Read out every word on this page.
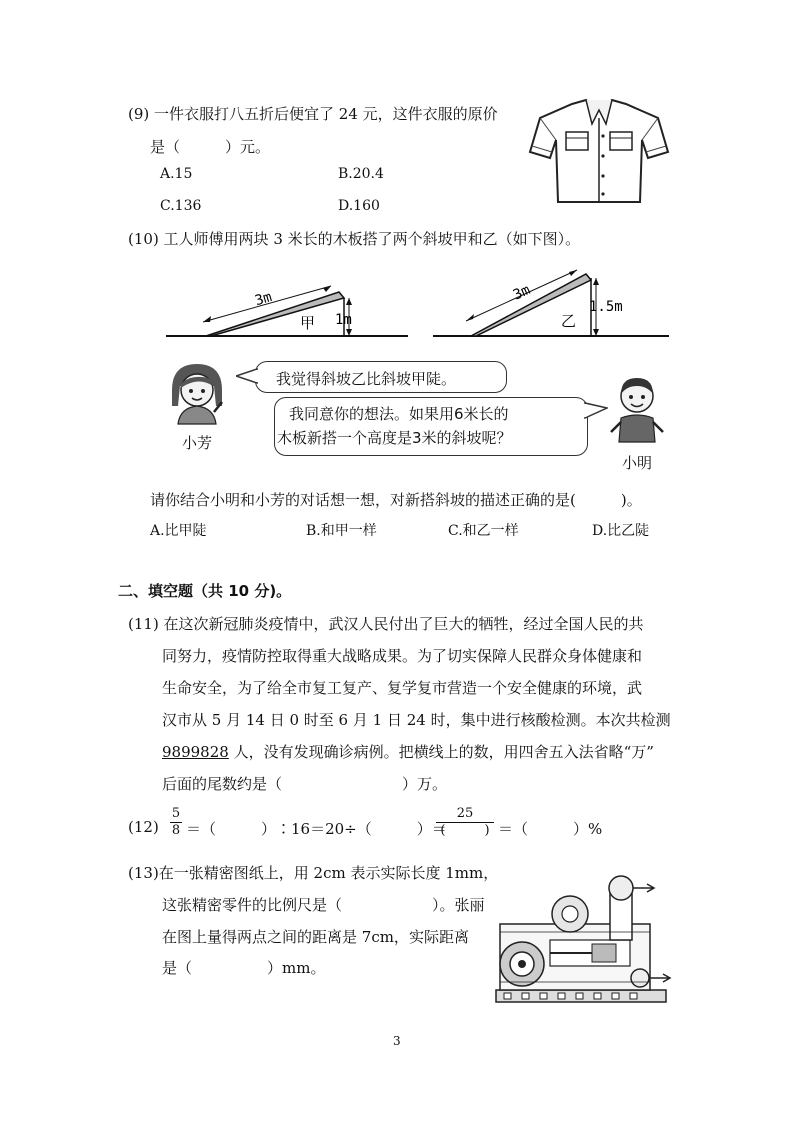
(9) 一件衣服打八五折后便宜了 24 元，这件衣服的原价
是（　　　）元。
A.15	B.20.4
C.136	D.160
(10) 工人师傅用两块 3 米长的木板搭了两个斜坡甲和乙（如下图）。
3m
1m
甲
3m
1.5m
乙
小芳
我觉得斜坡乙比斜坡甲陡。
我同意你的想法。如果用6米长的
木板新搭一个高度是3米的斜坡呢？
小明
请你结合小明和小芳的对话想一想，对新搭斜坡的描述正确的是(　　　)。
A.比甲陡	B.和甲一样	C.和乙一样	D.比乙陡
二、填空题（共 10 分)。
(11) 在这次新冠肺炎疫情中，武汉人民付出了巨大的牺牲，经过全国人民的共
同努力，疫情防控取得重大战略成果。为了切实保障人民群众身体健康和
生命安全，为了给全市复工复产、复学复市营造一个安全健康的环境，武
汉市从 5 月 14 日 0 时至 6 月 1 日 24 时，集中进行核酸检测。本次共检测
9899828 人，没有发现确诊病例。把横线上的数，用四舍五入法省略“万”
后面的尾数约是（　　　　　　　　）万。
$(12) \frac{5}{8}$ ＝（　　　）∶16＝20÷（　　　）＝
25
(　　　) ＝（　　　）%
(13)在一张精密图纸上，用 2cm 表示实际长度 1mm，
这张精密零件的比例尺是（　　　　　　）。张丽
在图上量得两点之间的距离是 7cm，实际距离
是（　　　　　）mm。
3
